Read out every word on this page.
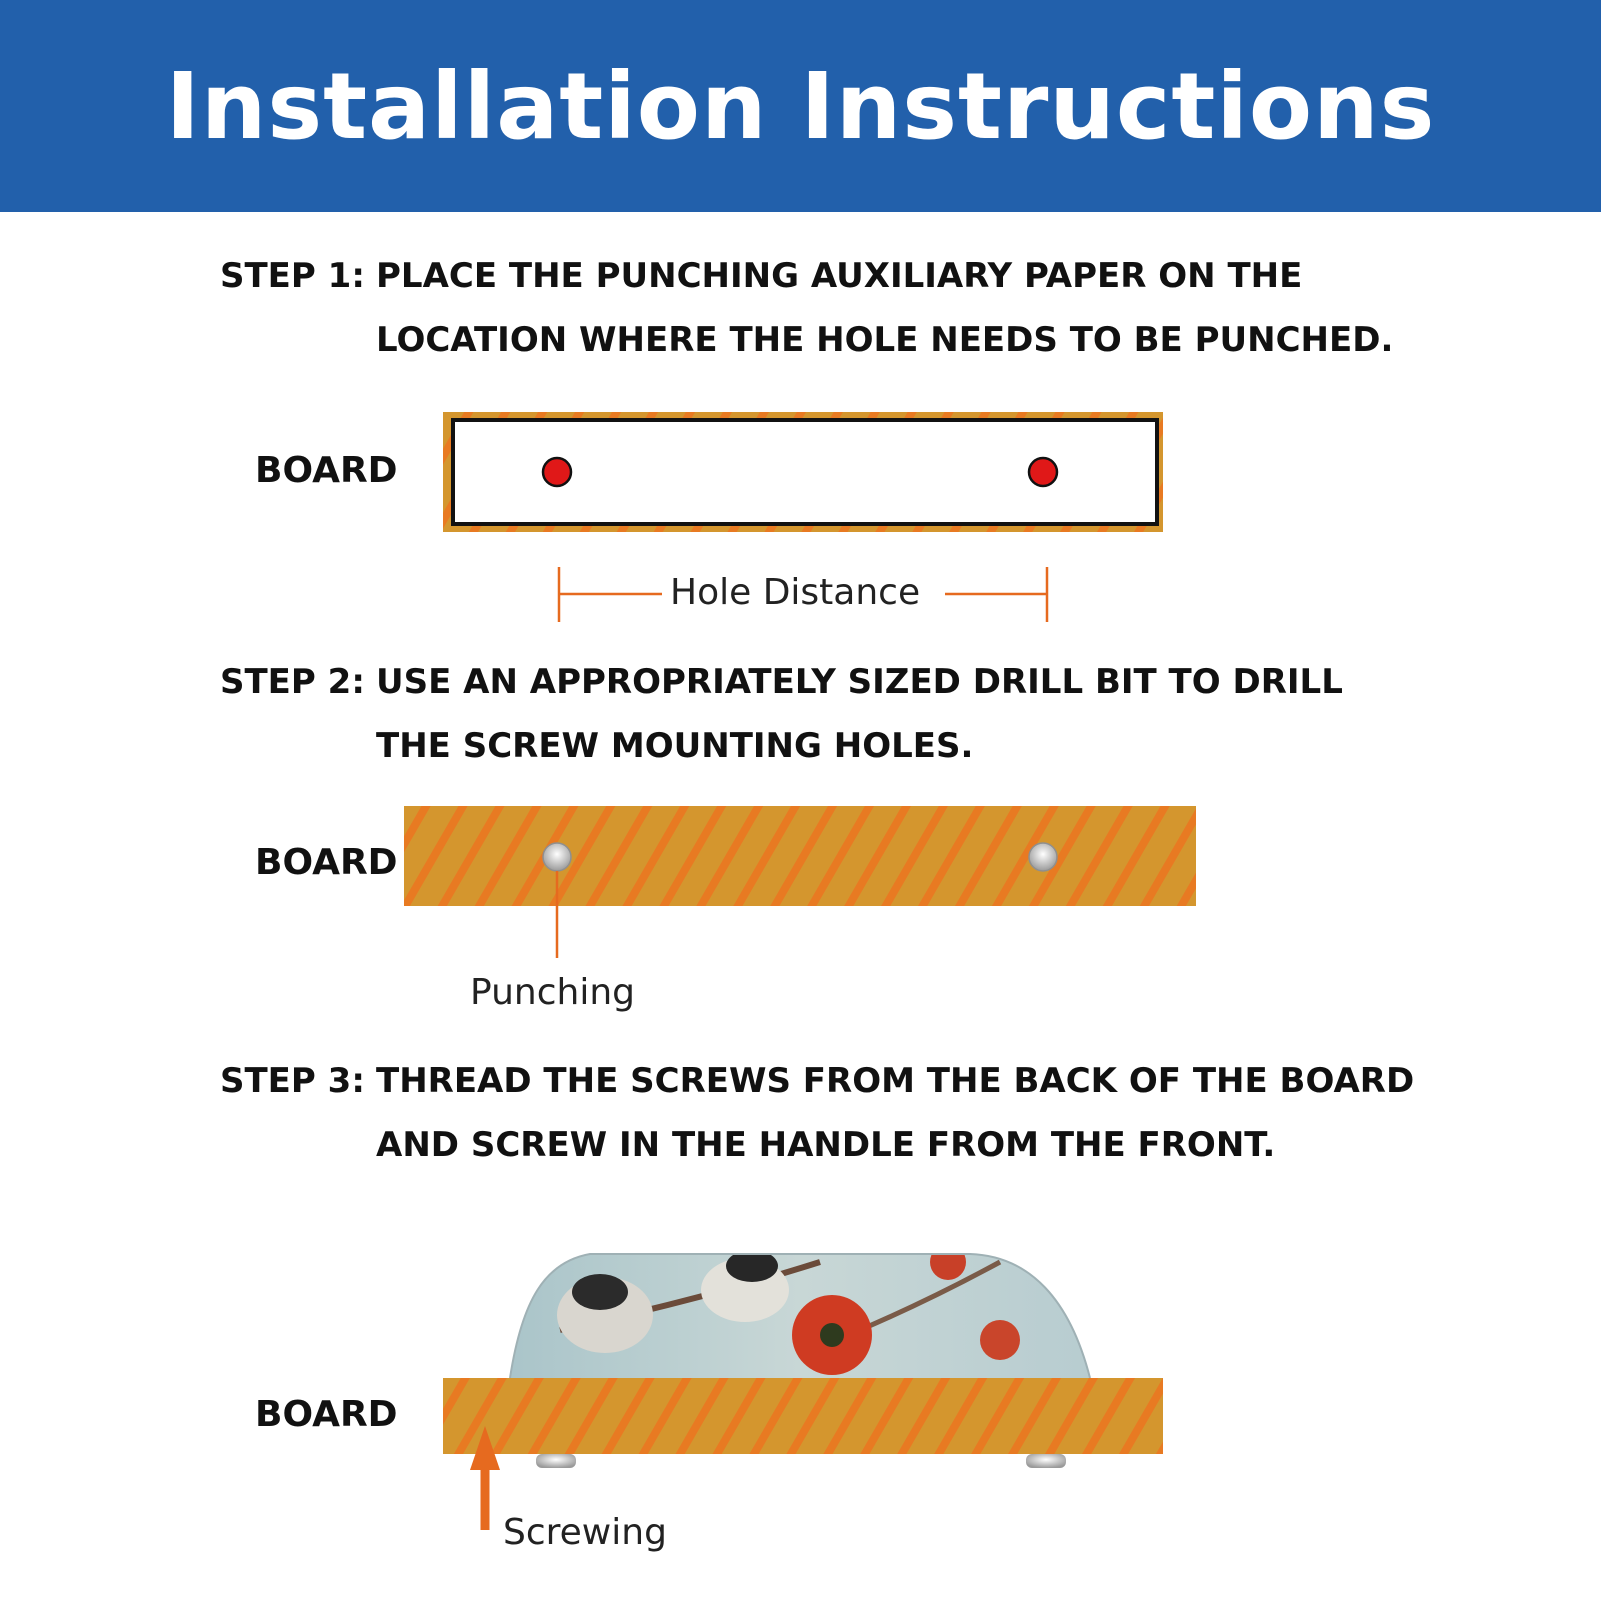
Installation Instructions
STEP 1: PLACE THE PUNCHING AUXILIARY PAPER ON THE
LOCATION WHERE THE HOLE NEEDS TO BE PUNCHED.
BOARD
STEP 2: USE AN APPROPRIATELY SIZED DRILL BIT TO DRILL
THE SCREW MOUNTING HOLES.
BOARD
STEP 3: THREAD THE SCREWS FROM THE BACK OF THE BOARD
AND SCREW IN THE HANDLE FROM THE FRONT.
BOARD
Hole Distance
Punching
Screwing
